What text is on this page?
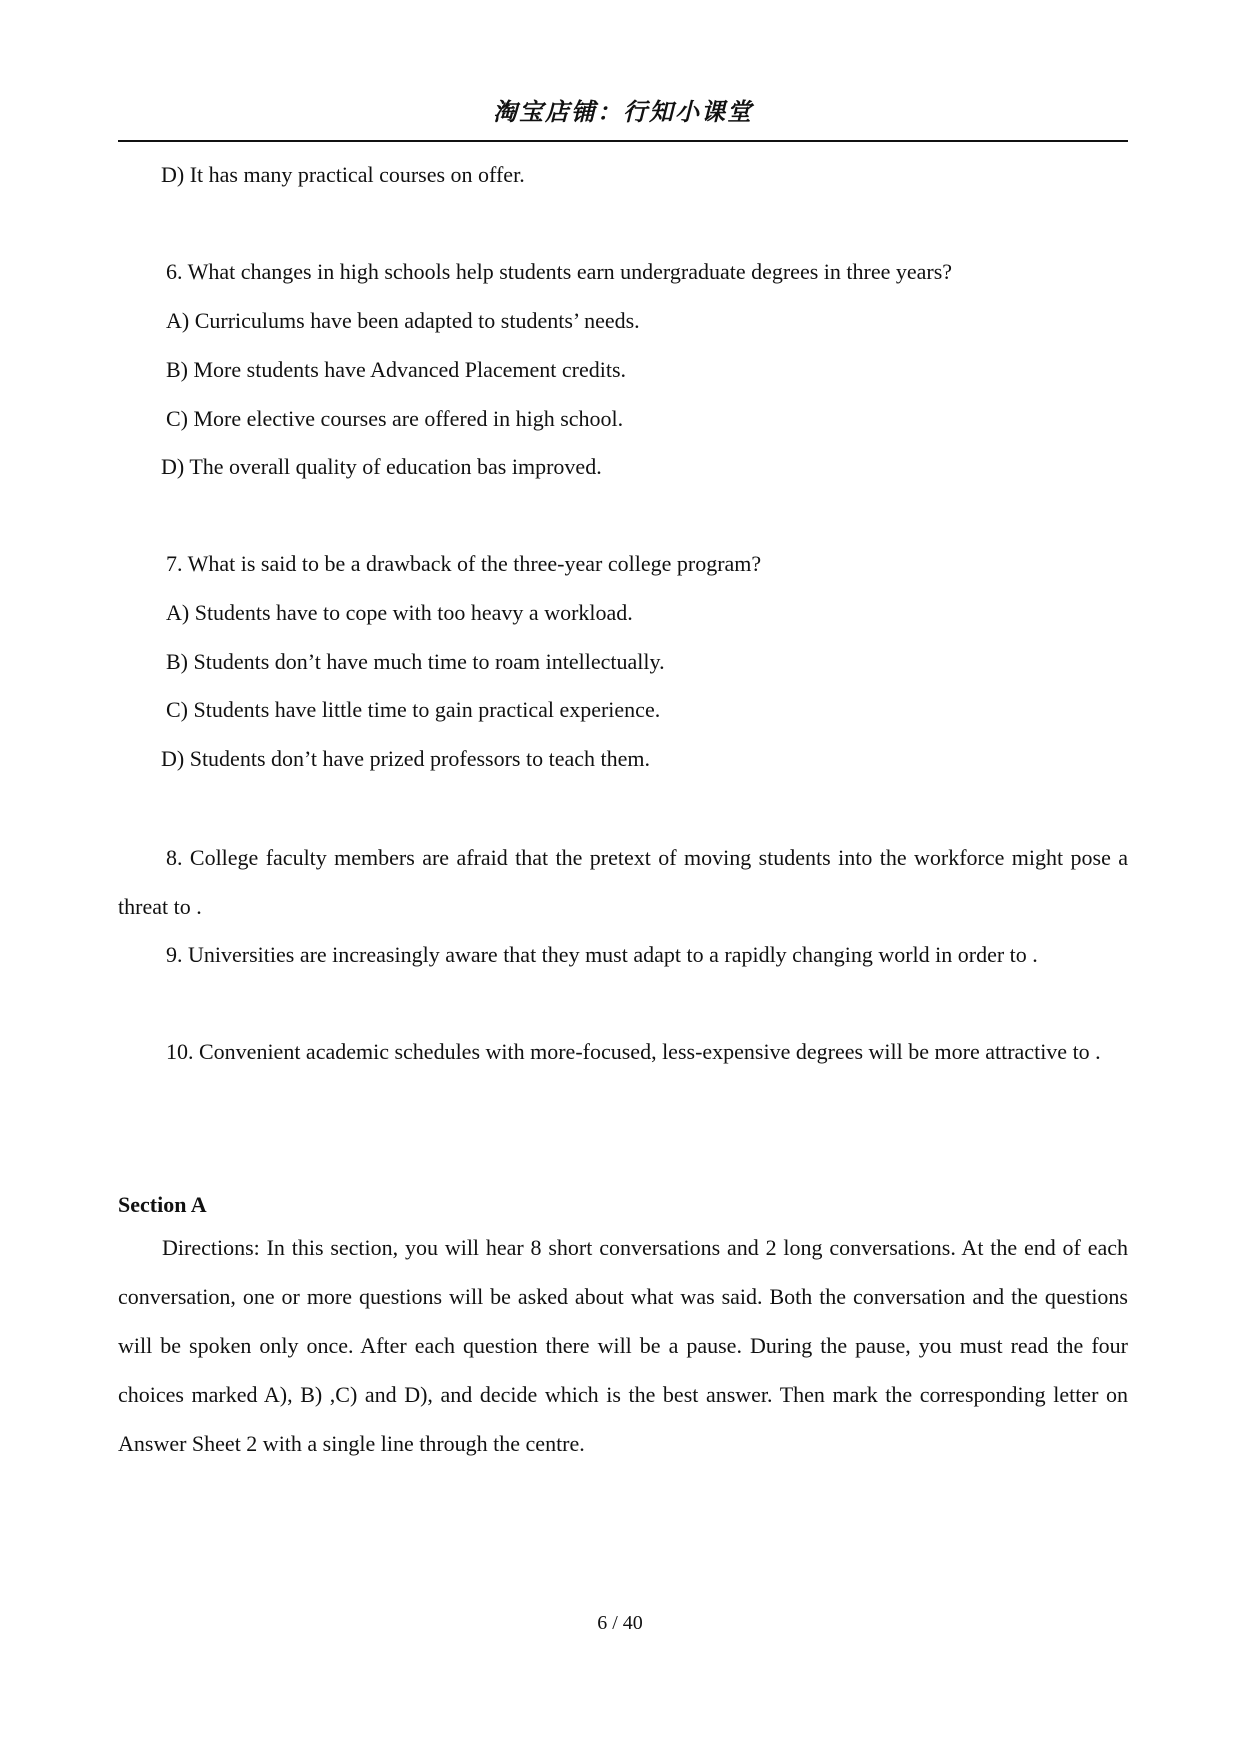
淘宝店铺：行知小课堂
D) It has many practical courses on offer.
6. What changes in high schools help students earn undergraduate degrees in three years?
A) Curriculums have been adapted to students’ needs.
B) More students have Advanced Placement credits.
C) More elective courses are offered in high school.
D) The overall quality of education bas improved.
7. What is said to be a drawback of the three-year college program?
A) Students have to cope with too heavy a workload.
B) Students don’t have much time to roam intellectually.
C) Students have little time to gain practical experience.
D) Students don’t have prized professors to teach them.
8. College faculty members are afraid that the pretext of moving students into the workforce might pose a threat to .
9. Universities are increasingly aware that they must adapt to a rapidly changing world in order to .
10. Convenient academic schedules with more-focused, less-expensive degrees will be more attractive to .
Section A
Directions: In this section, you will hear 8 short conversations and 2 long conversations. At the end of each conversation, one or more questions will be asked about what was said. Both the conversation and the questions will be spoken only once. After each question there will be a pause. During the pause, you must read the four choices marked A), B) ,C) and D), and decide which is the best answer. Then mark the corresponding letter on Answer Sheet 2 with a single line through the centre.
6 / 40
